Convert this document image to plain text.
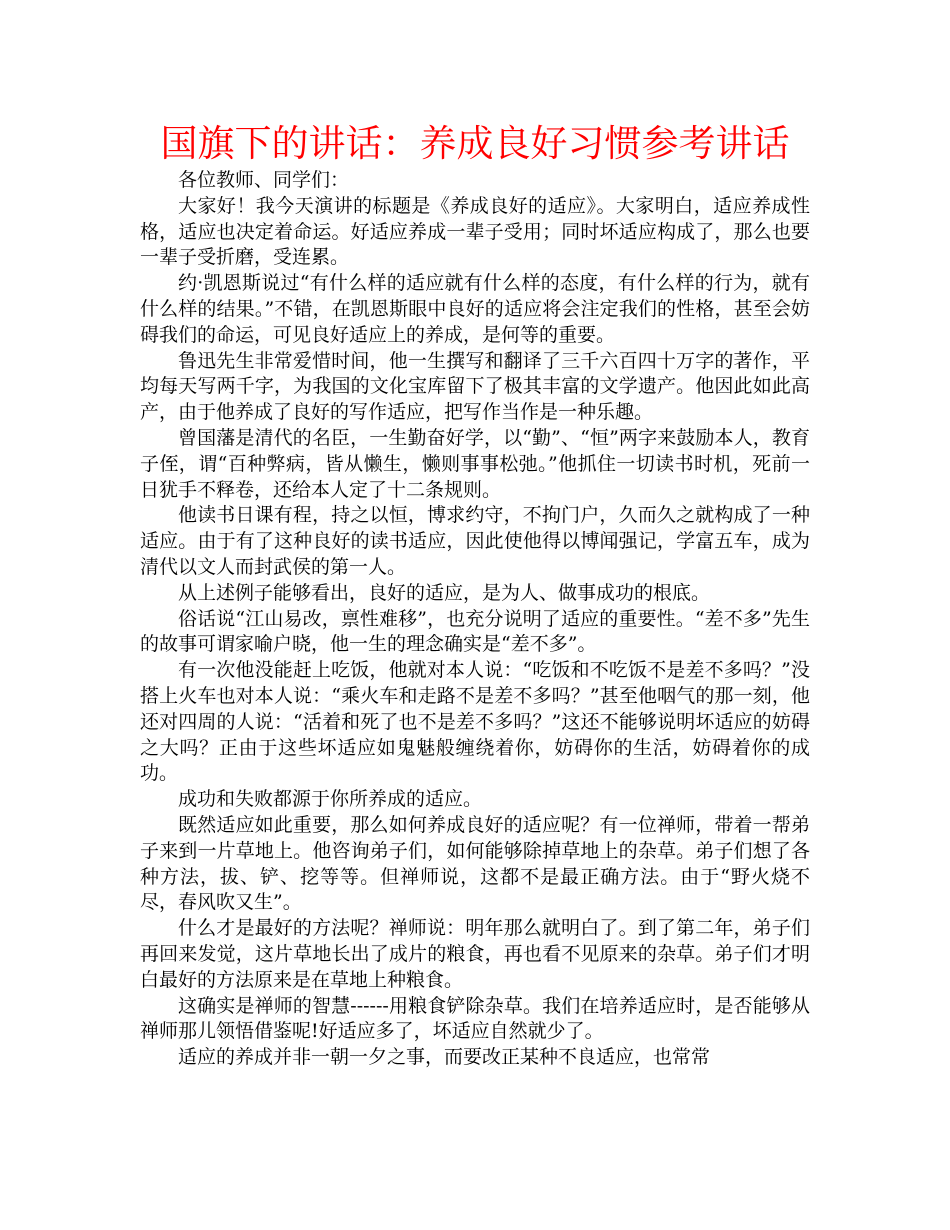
国旗下的讲话：养成良好习惯参考讲话

各位教师、同学们：

大家好！我今天演讲的标题是《养成良好的适应》。大家明白，适应养成性格，适应也决定着命运。好适应养成一辈子受用；同时坏适应构成了，那么也要一辈子受折磨，受连累。

约·凯恩斯说过“有什么样的适应就有什么样的态度，有什么样的行为，就有什么样的结果。”不错，在凯恩斯眼中良好的适应将会注定我们的性格，甚至会妨碍我们的命运，可见良好适应上的养成，是何等的重要。

鲁迅先生非常爱惜时间，他一生撰写和翻译了三千六百四十万字的著作，平均每天写两千字，为我国的文化宝库留下了极其丰富的文学遗产。他因此如此高产，由于他养成了良好的写作适应，把写作当作是一种乐趣。

曾国藩是清代的名臣，一生勤奋好学，以“勤”、“恒”两字来鼓励本人，教育子侄，谓“百种弊病，皆从懒生，懒则事事松弛。”他抓住一切读书时机，死前一日犹手不释卷，还给本人定了十二条规则。

他读书日课有程，持之以恒，博求约守，不拘门户，久而久之就构成了一种适应。由于有了这种良好的读书适应，因此使他得以博闻强记，学富五车，成为清代以文人而封武侯的第一人。

从上述例子能够看出，良好的适应，是为人、做事成功的根底。

俗话说“江山易改，禀性难移”，也充分说明了适应的重要性。“差不多”先生的故事可谓家喻户晓，他一生的理念确实是“差不多”。

有一次他没能赶上吃饭，他就对本人说：“吃饭和不吃饭不是差不多吗？”没搭上火车也对本人说：“乘火车和走路不是差不多吗？”甚至他咽气的那一刻，他还对四周的人说：“活着和死了也不是差不多吗？”这还不能够说明坏适应的妨碍之大吗？正由于这些坏适应如鬼魅般缠绕着你，妨碍你的生活，妨碍着你的成功。

成功和失败都源于你所养成的适应。

既然适应如此重要，那么如何养成良好的适应呢？有一位禅师，带着一帮弟子来到一片草地上。他咨询弟子们，如何能够除掉草地上的杂草。弟子们想了各种方法，拔、铲、挖等等。但禅师说，这都不是最正确方法。由于“野火烧不尽，春风吹又生”。

什么才是最好的方法呢？禅师说：明年那么就明白了。到了第二年，弟子们再回来发觉，这片草地长出了成片的粮食，再也看不见原来的杂草。弟子们才明白最好的方法原来是在草地上种粮食。

这确实是禅师的智慧------用粮食铲除杂草。我们在培养适应时，是否能够从禅师那儿领悟借鉴呢!好适应多了，坏适应自然就少了。

适应的养成并非一朝一夕之事，而要改正某种不良适应，也常常
